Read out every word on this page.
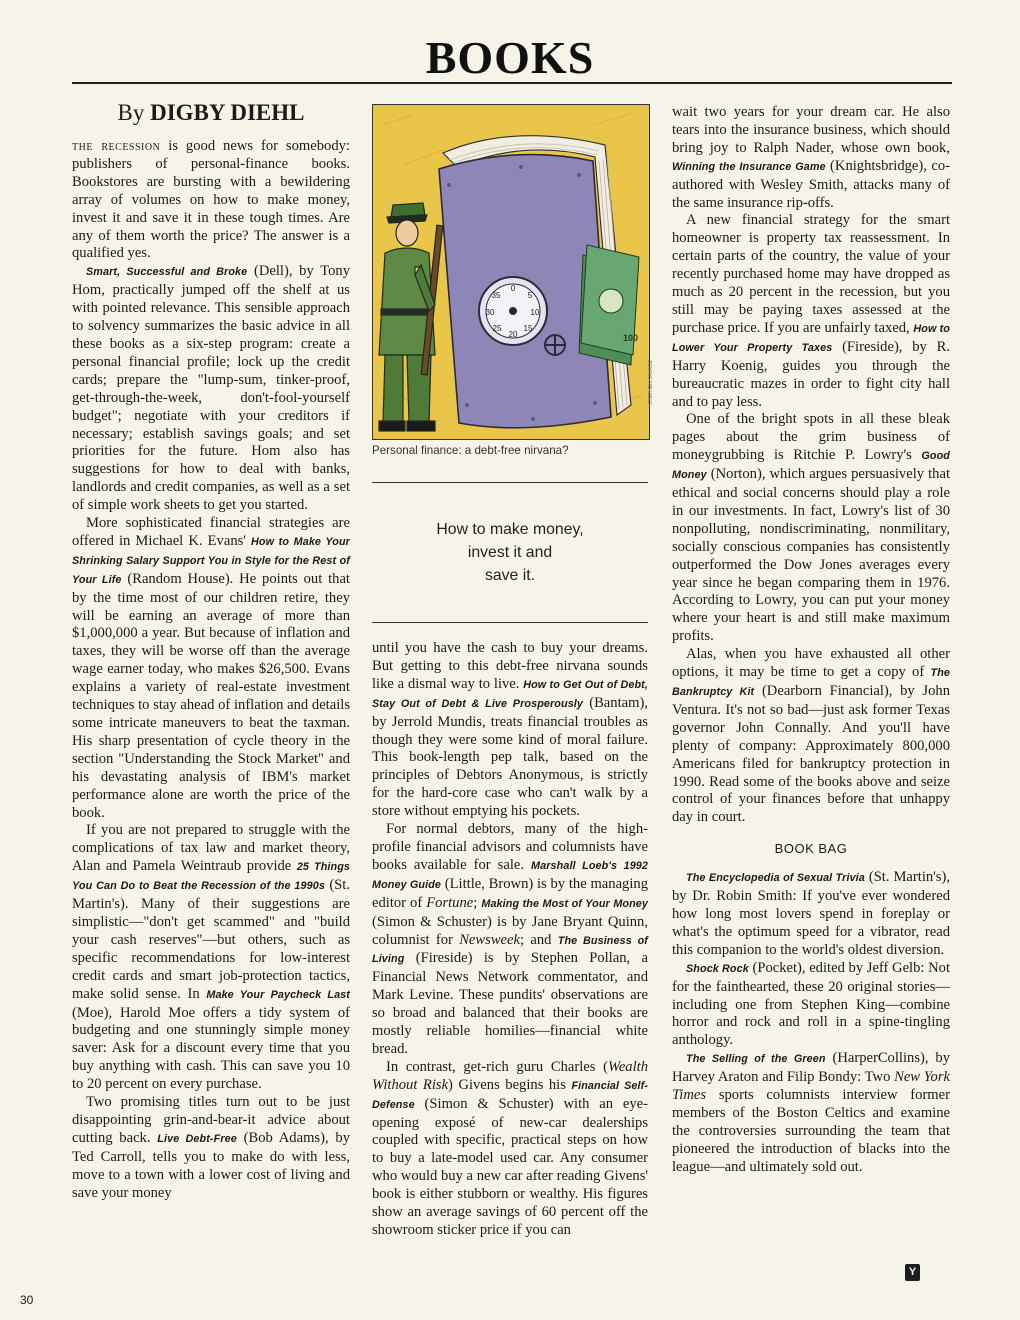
BOOKS
By DIGBY DIEHL

the recession is good news for somebody: publishers of personal-finance books. Bookstores are bursting with a bewildering array of volumes on how to make money, invest it and save it in these tough times. Are any of them worth the price? The answer is a qualified yes.

Smart, Successful and Broke (Dell), by Tony Hom, practically jumped off the shelf at us with pointed relevance. This sensible approach to solvency summarizes the basic advice in all these books as a six-step program: create a personal financial profile; lock up the credit cards; prepare the "lump-sum, tinker-proof, get-through-the-week, don't-fool-yourself budget"; negotiate with your creditors if necessary; establish savings goals; and set priorities for the future. Hom also has suggestions for how to deal with banks, landlords and credit companies, as well as a set of simple work sheets to get you started.

More sophisticated financial strategies are offered in Michael K. Evans' How to Make Your Shrinking Salary Support You in Style for the Rest of Your Life (Random House). He points out that by the time most of our children retire, they will be earning an average of more than $1,000,000 a year. But because of inflation and taxes, they will be worse off than the average wage earner today, who makes $26,500. Evans explains a variety of real-estate investment techniques to stay ahead of inflation and details some intricate maneuvers to beat the taxman. His sharp presentation of cycle theory in the section "Understanding the Stock Market" and his devastating analysis of IBM's market performance alone are worth the price of the book.

If you are not prepared to struggle with the complications of tax law and market theory, Alan and Pamela Weintraub provide 25 Things You Can Do to Beat the Recession of the 1990s (St. Martin's). Many of their suggestions are simplistic—"don't get scammed" and "build your cash reserves"—but others, such as specific recommendations for low-interest credit cards and smart job-protection tactics, make solid sense. In Make Your Paycheck Last (Moe), Harold Moe offers a tidy system of budgeting and one stunningly simple money saver: Ask for a discount every time that you buy anything with cash. This can save you 10 to 20 percent on every purchase.

Two promising titles turn out to be just disappointing grin-and-bear-it advice about cutting back. Live Debt-Free (Bob Adams), by Ted Carroll, tells you to make do with less, move to a town with a lower cost of living and save your money

100
0
5
10
15
20
25
30
35
STEPHEN SAVAGE

Personal finance: a debt-free nirvana?

How to make money,
invest it and
save it.

until you have the cash to buy your dreams. But getting to this debt-free nirvana sounds like a dismal way to live. How to Get Out of Debt, Stay Out of Debt & Live Prosperously (Bantam), by Jerrold Mundis, treats financial troubles as though they were some kind of moral failure. This book-length pep talk, based on the principles of Debtors Anonymous, is strictly for the hard-core case who can't walk by a store without emptying his pockets.

For normal debtors, many of the high-profile financial advisors and columnists have books available for sale. Marshall Loeb's 1992 Money Guide (Little, Brown) is by the managing editor of Fortune; Making the Most of Your Money (Simon & Schuster) is by Jane Bryant Quinn, columnist for Newsweek; and The Business of Living (Fireside) is by Stephen Pollan, a Financial News Network commentator, and Mark Levine. These pundits' observations are so broad and balanced that their books are mostly reliable homilies—financial white bread.

In contrast, get-rich guru Charles (Wealth Without Risk) Givens begins his Financial Self-Defense (Simon & Schuster) with an eye-opening exposé of new-car dealerships coupled with specific, practical steps on how to buy a late-model used car. Any consumer who would buy a new car after reading Givens' book is either stubborn or wealthy. His figures show an average savings of 60 percent off the showroom sticker price if you can

wait two years for your dream car. He also tears into the insurance business, which should bring joy to Ralph Nader, whose own book, Winning the Insurance Game (Knightsbridge), co-authored with Wesley Smith, attacks many of the same insurance rip-offs.

A new financial strategy for the smart homeowner is property tax reassessment. In certain parts of the country, the value of your recently purchased home may have dropped as much as 20 percent in the recession, but you still may be paying taxes assessed at the purchase price. If you are unfairly taxed, How to Lower Your Property Taxes (Fireside), by R. Harry Koenig, guides you through the bureaucratic mazes in order to fight city hall and to pay less.

One of the bright spots in all these bleak pages about the grim business of moneygrubbing is Ritchie P. Lowry's Good Money (Norton), which argues persuasively that ethical and social concerns should play a role in our investments. In fact, Lowry's list of 30 nonpolluting, nondiscriminating, nonmilitary, socially conscious companies has consistently outperformed the Dow Jones averages every year since he began comparing them in 1976. According to Lowry, you can put your money where your heart is and still make maximum profits.

Alas, when you have exhausted all other options, it may be time to get a copy of The Bankruptcy Kit (Dearborn Financial), by John Ventura. It's not so bad—just ask former Texas governor John Connally. And you'll have plenty of company: Approximately 800,000 Americans filed for bankruptcy protection in 1990. Read some of the books above and seize control of your finances before that unhappy day in court.

BOOK BAG

The Encyclopedia of Sexual Trivia (St. Martin's), by Dr. Robin Smith: If you've ever wondered how long most lovers spend in foreplay or what's the optimum speed for a vibrator, read this companion to the world's oldest diversion.

Shock Rock (Pocket), edited by Jeff Gelb: Not for the fainthearted, these 20 original stories—including one from Stephen King—combine horror and rock and roll in a spine-tingling anthology.

The Selling of the Green (HarperCollins), by Harvey Araton and Filip Bondy: Two New York Times sports columnists interview former members of the Boston Celtics and examine the controversies surrounding the team that pioneered the introduction of blacks into the league—and ultimately sold out.

Y

30
